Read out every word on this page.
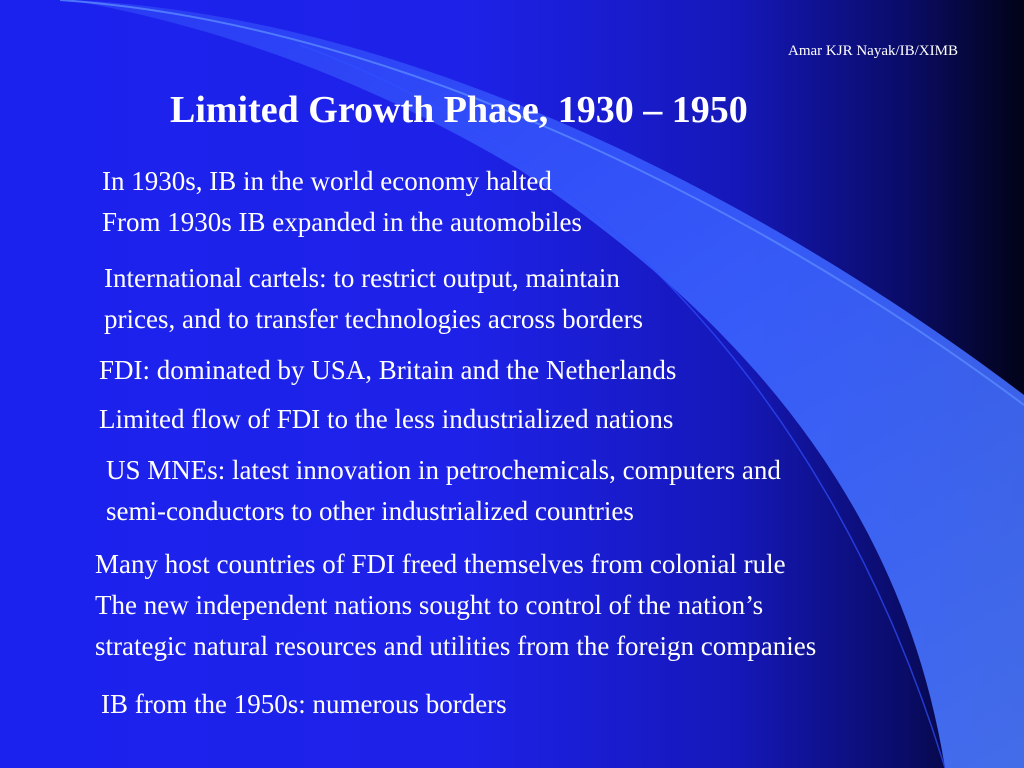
Amar KJR Nayak/IB/XIMB
Limited Growth Phase, 1930 – 1950
In 1930s, IB in the world economy halted
From 1930s IB expanded in the automobiles
International cartels: to restrict output, maintain
prices, and to transfer technologies across borders
FDI: dominated by USA, Britain and the Netherlands
Limited flow of FDI to the less industrialized nations
US MNEs: latest innovation in petrochemicals, computers and
semi-conductors to other industrialized countries
Many host countries of FDI freed themselves from colonial rule
The new independent nations sought to control of the nation’s
strategic natural resources and utilities from the foreign companies
IB from the 1950s: numerous borders
